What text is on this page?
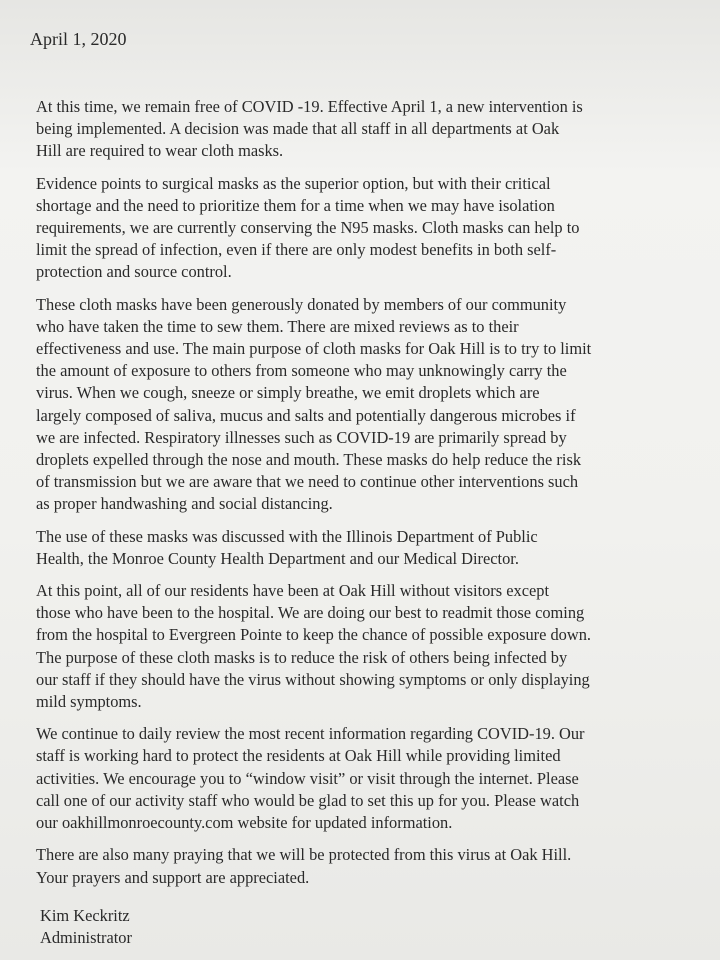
April 1, 2020
At this time, we remain free of COVID -19. Effective April 1, a new intervention is
being implemented. A decision was made that all staff in all departments at Oak
Hill are required to wear cloth masks.
Evidence points to surgical masks as the superior option, but with their critical
shortage and the need to prioritize them for a time when we may have isolation
requirements, we are currently conserving the N95 masks. Cloth masks can help to
limit the spread of infection, even if there are only modest benefits in both self-
protection and source control.
These cloth masks have been generously donated by members of our community
who have taken the time to sew them. There are mixed reviews as to their
effectiveness and use. The main purpose of cloth masks for Oak Hill is to try to limit
the amount of exposure to others from someone who may unknowingly carry the
virus. When we cough, sneeze or simply breathe, we emit droplets which are
largely composed of saliva, mucus and salts and potentially dangerous microbes if
we are infected. Respiratory illnesses such as COVID-19 are primarily spread by
droplets expelled through the nose and mouth. These masks do help reduce the risk
of transmission but we are aware that we need to continue other interventions such
as proper handwashing and social distancing.
The use of these masks was discussed with the Illinois Department of Public
Health, the Monroe County Health Department and our Medical Director.
At this point, all of our residents have been at Oak Hill without visitors except
those who have been to the hospital. We are doing our best to readmit those coming
from the hospital to Evergreen Pointe to keep the chance of possible exposure down.
The purpose of these cloth masks is to reduce the risk of others being infected by
our staff if they should have the virus without showing symptoms or only displaying
mild symptoms.
We continue to daily review the most recent information regarding COVID-19. Our
staff is working hard to protect the residents at Oak Hill while providing limited
activities. We encourage you to “window visit” or visit through the internet. Please
call one of our activity staff who would be glad to set this up for you. Please watch
our oakhillmonroecounty.com website for updated information.
There are also many praying that we will be protected from this virus at Oak Hill.
Your prayers and support are appreciated.
Kim Keckritz
Administrator
